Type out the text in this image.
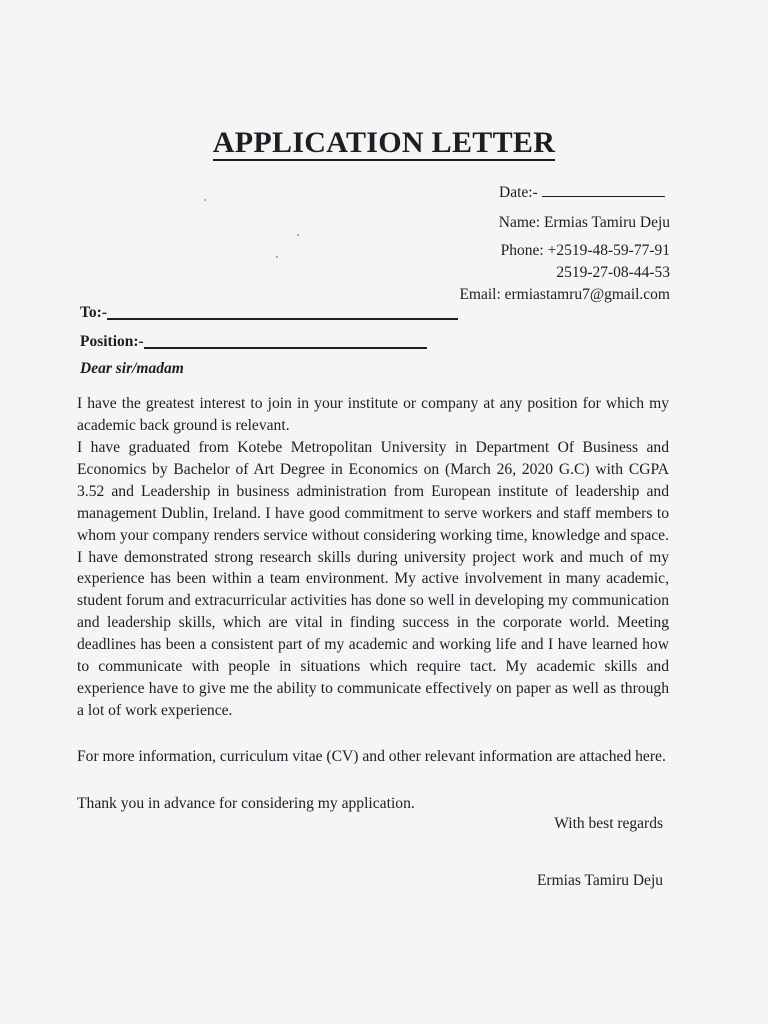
APPLICATION LETTER
Date:-
Name: Ermias Tamiru Deju
Phone: +2519-48-59-77-91
2519-27-08-44-53
Email: ermiastamru7@gmail.com
To:-
Position:-
Dear sir/madam
I have the greatest interest to join in your institute or company at any position for which my academic back ground is relevant.
I have graduated from Kotebe Metropolitan University in Department Of Business and Economics by Bachelor of Art Degree in Economics on (March 26, 2020 G.C) with CGPA 3.52 and Leadership in business administration from European institute of leadership and management Dublin, Ireland. I have good commitment to serve workers and staff members to whom your company renders service without considering working time, knowledge and space. I have demonstrated strong research skills during university project work and much of my experience has been within a team environment. My active involvement in many academic, student forum and extracurricular activities has done so well in developing my communication and leadership skills, which are vital in finding success in the corporate world. Meeting deadlines has been a consistent part of my academic and working life and I have learned how to communicate with people in situations which require tact. My academic skills and experience have to give me the ability to communicate effectively on paper as well as through a lot of work experience.
For more information, curriculum vitae (CV) and other relevant information are attached here.
Thank you in advance for considering my application.
With best regards
Ermias Tamiru Deju
